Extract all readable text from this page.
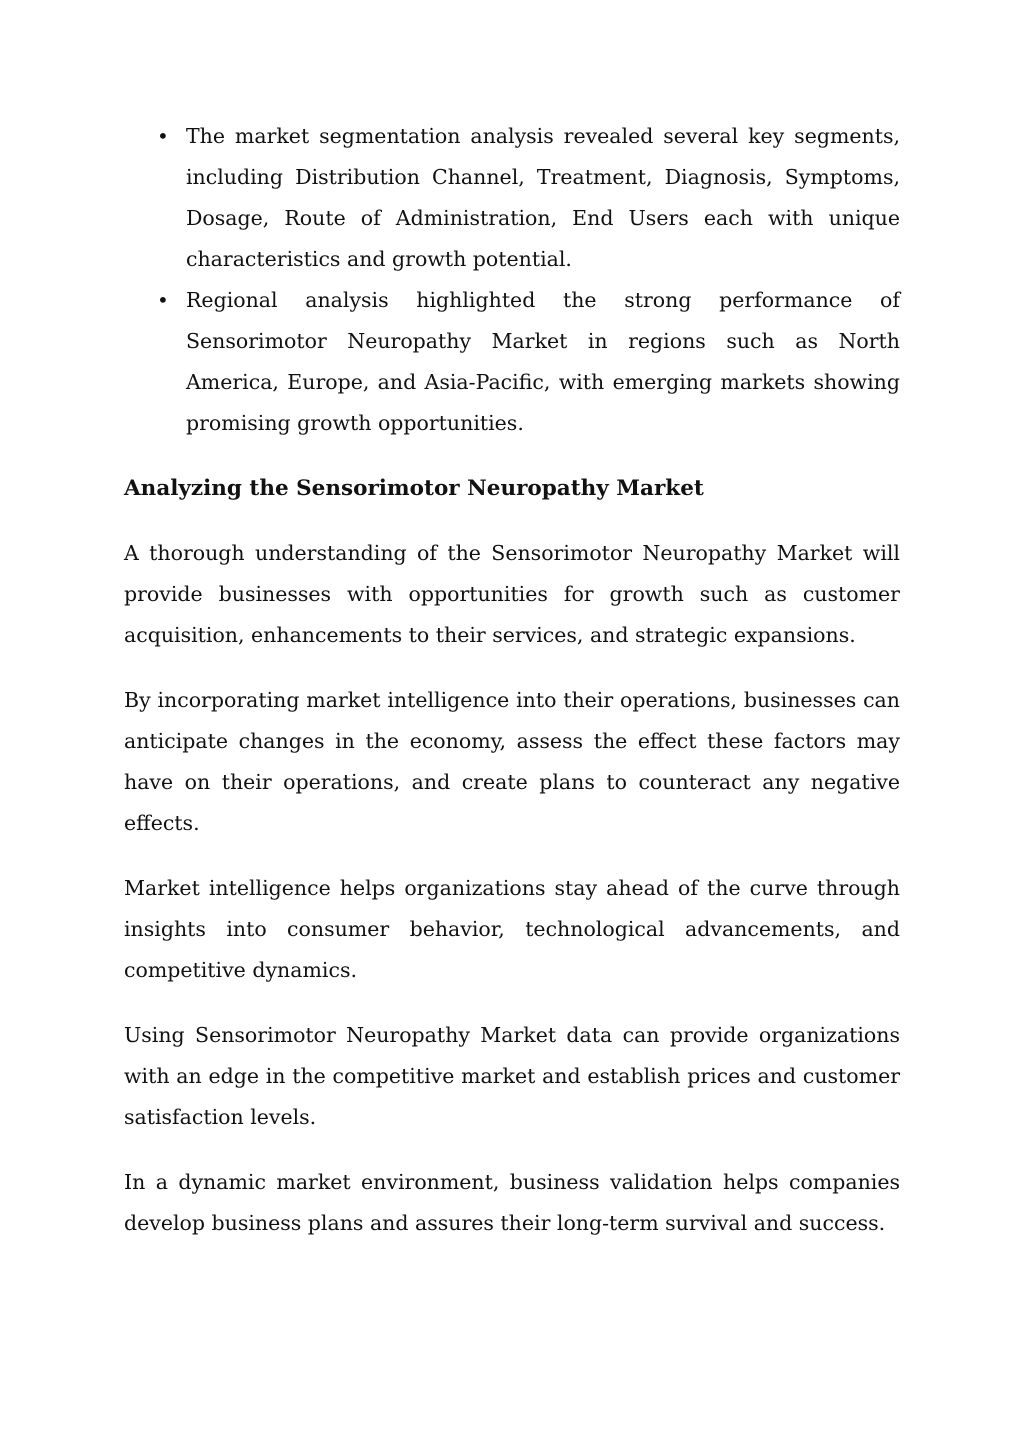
• The market segmentation analysis revealed several key segments, including Distribution Channel, Treatment, Diagnosis, Symptoms, Dosage, Route of Administration, End Users each with unique characteristics and growth potential.
• Regional analysis highlighted the strong performance of Sensorimotor Neuropathy Market in regions such as North America, Europe, and Asia-Pacific, with emerging markets showing promising growth opportunities.
Analyzing the Sensorimotor Neuropathy Market

A thorough understanding of the Sensorimotor Neuropathy Market will provide businesses with opportunities for growth such as customer acquisition, enhancements to their services, and strategic expansions.

By incorporating market intelligence into their operations, businesses can anticipate changes in the economy, assess the effect these factors may have on their operations, and create plans to counteract any negative effects.

Market intelligence helps organizations stay ahead of the curve through insights into consumer behavior, technological advancements, and competitive dynamics.

Using Sensorimotor Neuropathy Market data can provide organizations with an edge in the competitive market and establish prices and customer satisfaction levels.

In a dynamic market environment, business validation helps companies develop business plans and assures their long-term survival and success.
